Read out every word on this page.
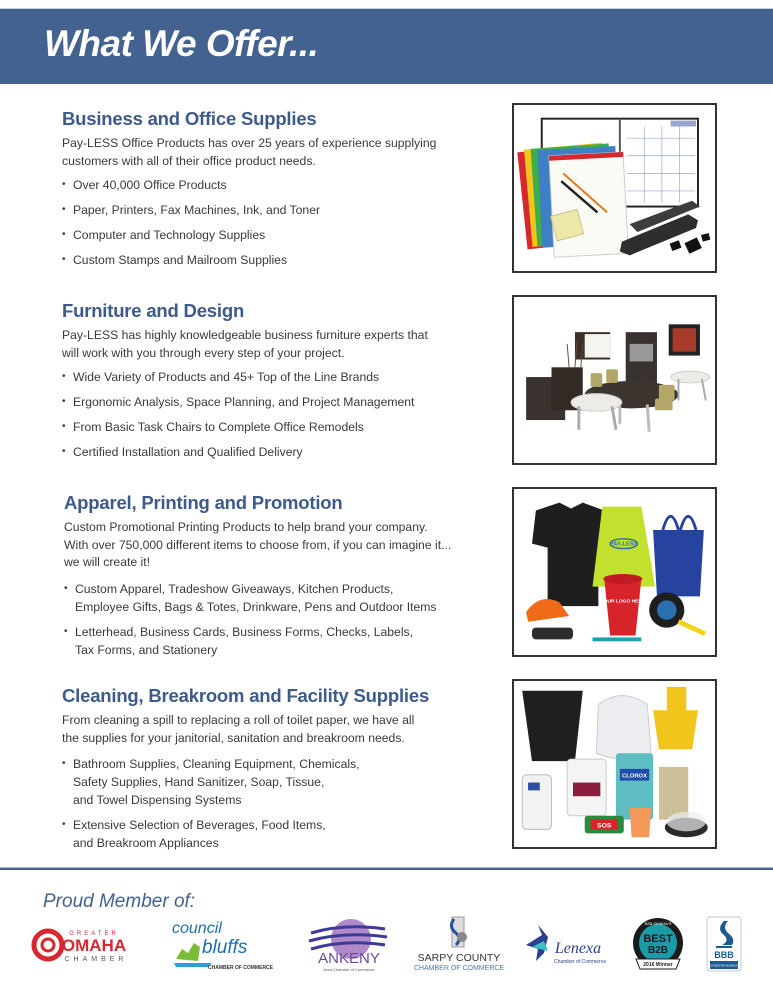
What We Offer...
Business and Office Supplies

Pay-LESS Office Products has over 25 years of experience supplying
customers with all of their office product needs.

• Over 40,000 Office Products
• Paper, Printers, Fax Machines, Ink, and Toner
• Computer and Technology Supplies
• Custom Stamps and Mailroom Supplies
Furniture and Design

Pay-LESS has highly knowledgeable business furniture experts that
will work with you through every step of your project.

• Wide Variety of Products and 45+ Top of the Line Brands
• Ergonomic Analysis, Space Planning, and Project Management
• From Basic Task Chairs to Complete Office Remodels
• Certified Installation and Qualified Delivery
Apparel, Printing and Promotion

Custom Promotional Printing Products to help brand your company.
With over 750,000 different items to choose from, if you can imagine it...
we will create it!

• Custom Apparel, Tradeshow Giveaways, Kitchen Products,
Employee Gifts, Bags & Totes, Drinkware, Pens and Outdoor Items
• Letterhead, Business Cards, Business Forms, Checks, Labels,
Tax Forms, and Stationery
PAY-LESS
YOUR LOGO HERE
Cleaning, Breakroom and Facility Supplies

From cleaning a spill to replacing a roll of toilet paper, we have all
the supplies for your janitorial, sanitation and breakroom needs.

• Bathroom Supplies, Cleaning Equipment, Chemicals,
Safety Supplies, Hand Sanitizer, Soap, Tissue,
and Towel Dispensing Systems
• Extensive Selection of Beverages, Food Items,
and Breakroom Appliances
CLOROX
SOS
Proud Member of:
GREATER
OMAHA
CHAMBER
council
bluffs
CHAMBER OF COMMERCE
ANKENY
Area Chamber of Commerce
SARPY COUNTY
CHAMBER OF COMMERCE
Lenexa
Chamber of Commerce
B2B OMAHA'S
BEST
B2B
2016 Winner
BBB
ACCREDITED BUSINESS
